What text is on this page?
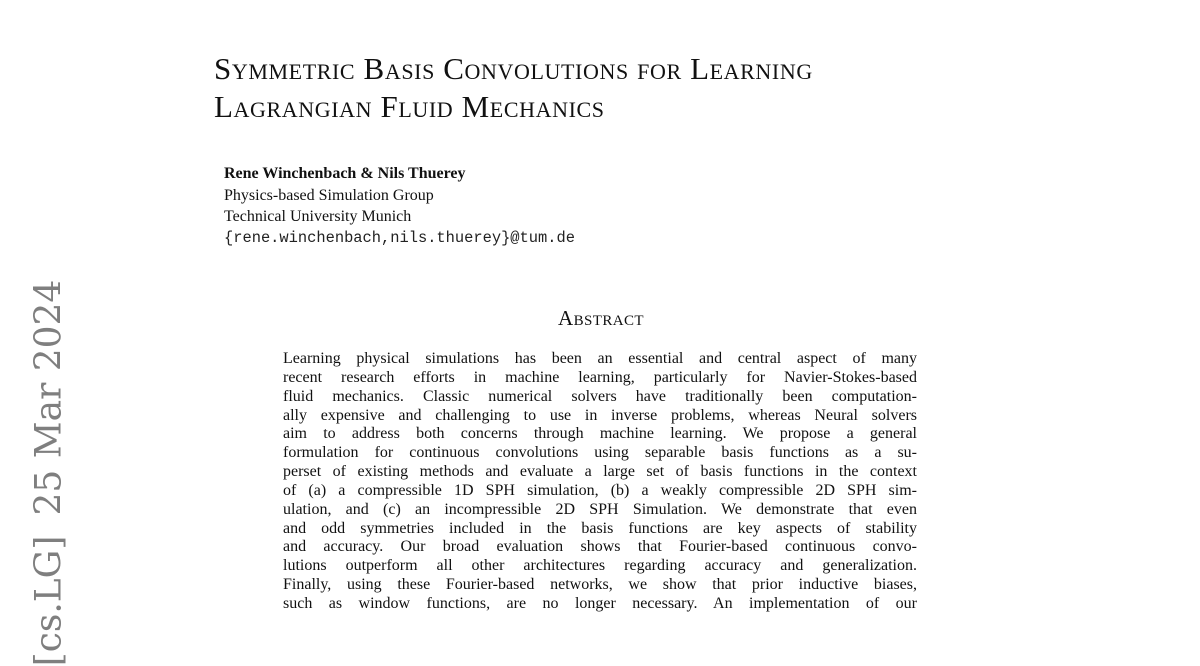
[cs.LG]25 Mar 2024
Symmetric Basis Convolutions for Learning
Lagrangian Fluid Mechanics
Rene Winchenbach & Nils Thuerey
Physics-based Simulation Group
Technical University Munich
{rene.winchenbach,nils.thuerey}@tum.de
Abstract
Learning physical simulations has been an essential and central aspect of many
recent research efforts in machine learning, particularly for Navier-Stokes-based
fluid mechanics. Classic numerical solvers have traditionally been computation-
ally expensive and challenging to use in inverse problems, whereas Neural solvers
aim to address both concerns through machine learning. We propose a general
formulation for continuous convolutions using separable basis functions as a su-
perset of existing methods and evaluate a large set of basis functions in the context
of (a) a compressible 1D SPH simulation, (b) a weakly compressible 2D SPH sim-
ulation, and (c) an incompressible 2D SPH Simulation. We demonstrate that even
and odd symmetries included in the basis functions are key aspects of stability
and accuracy. Our broad evaluation shows that Fourier-based continuous convo-
lutions outperform all other architectures regarding accuracy and generalization.
Finally, using these Fourier-based networks, we show that prior inductive biases,
such as window functions, are no longer necessary. An implementation of our
